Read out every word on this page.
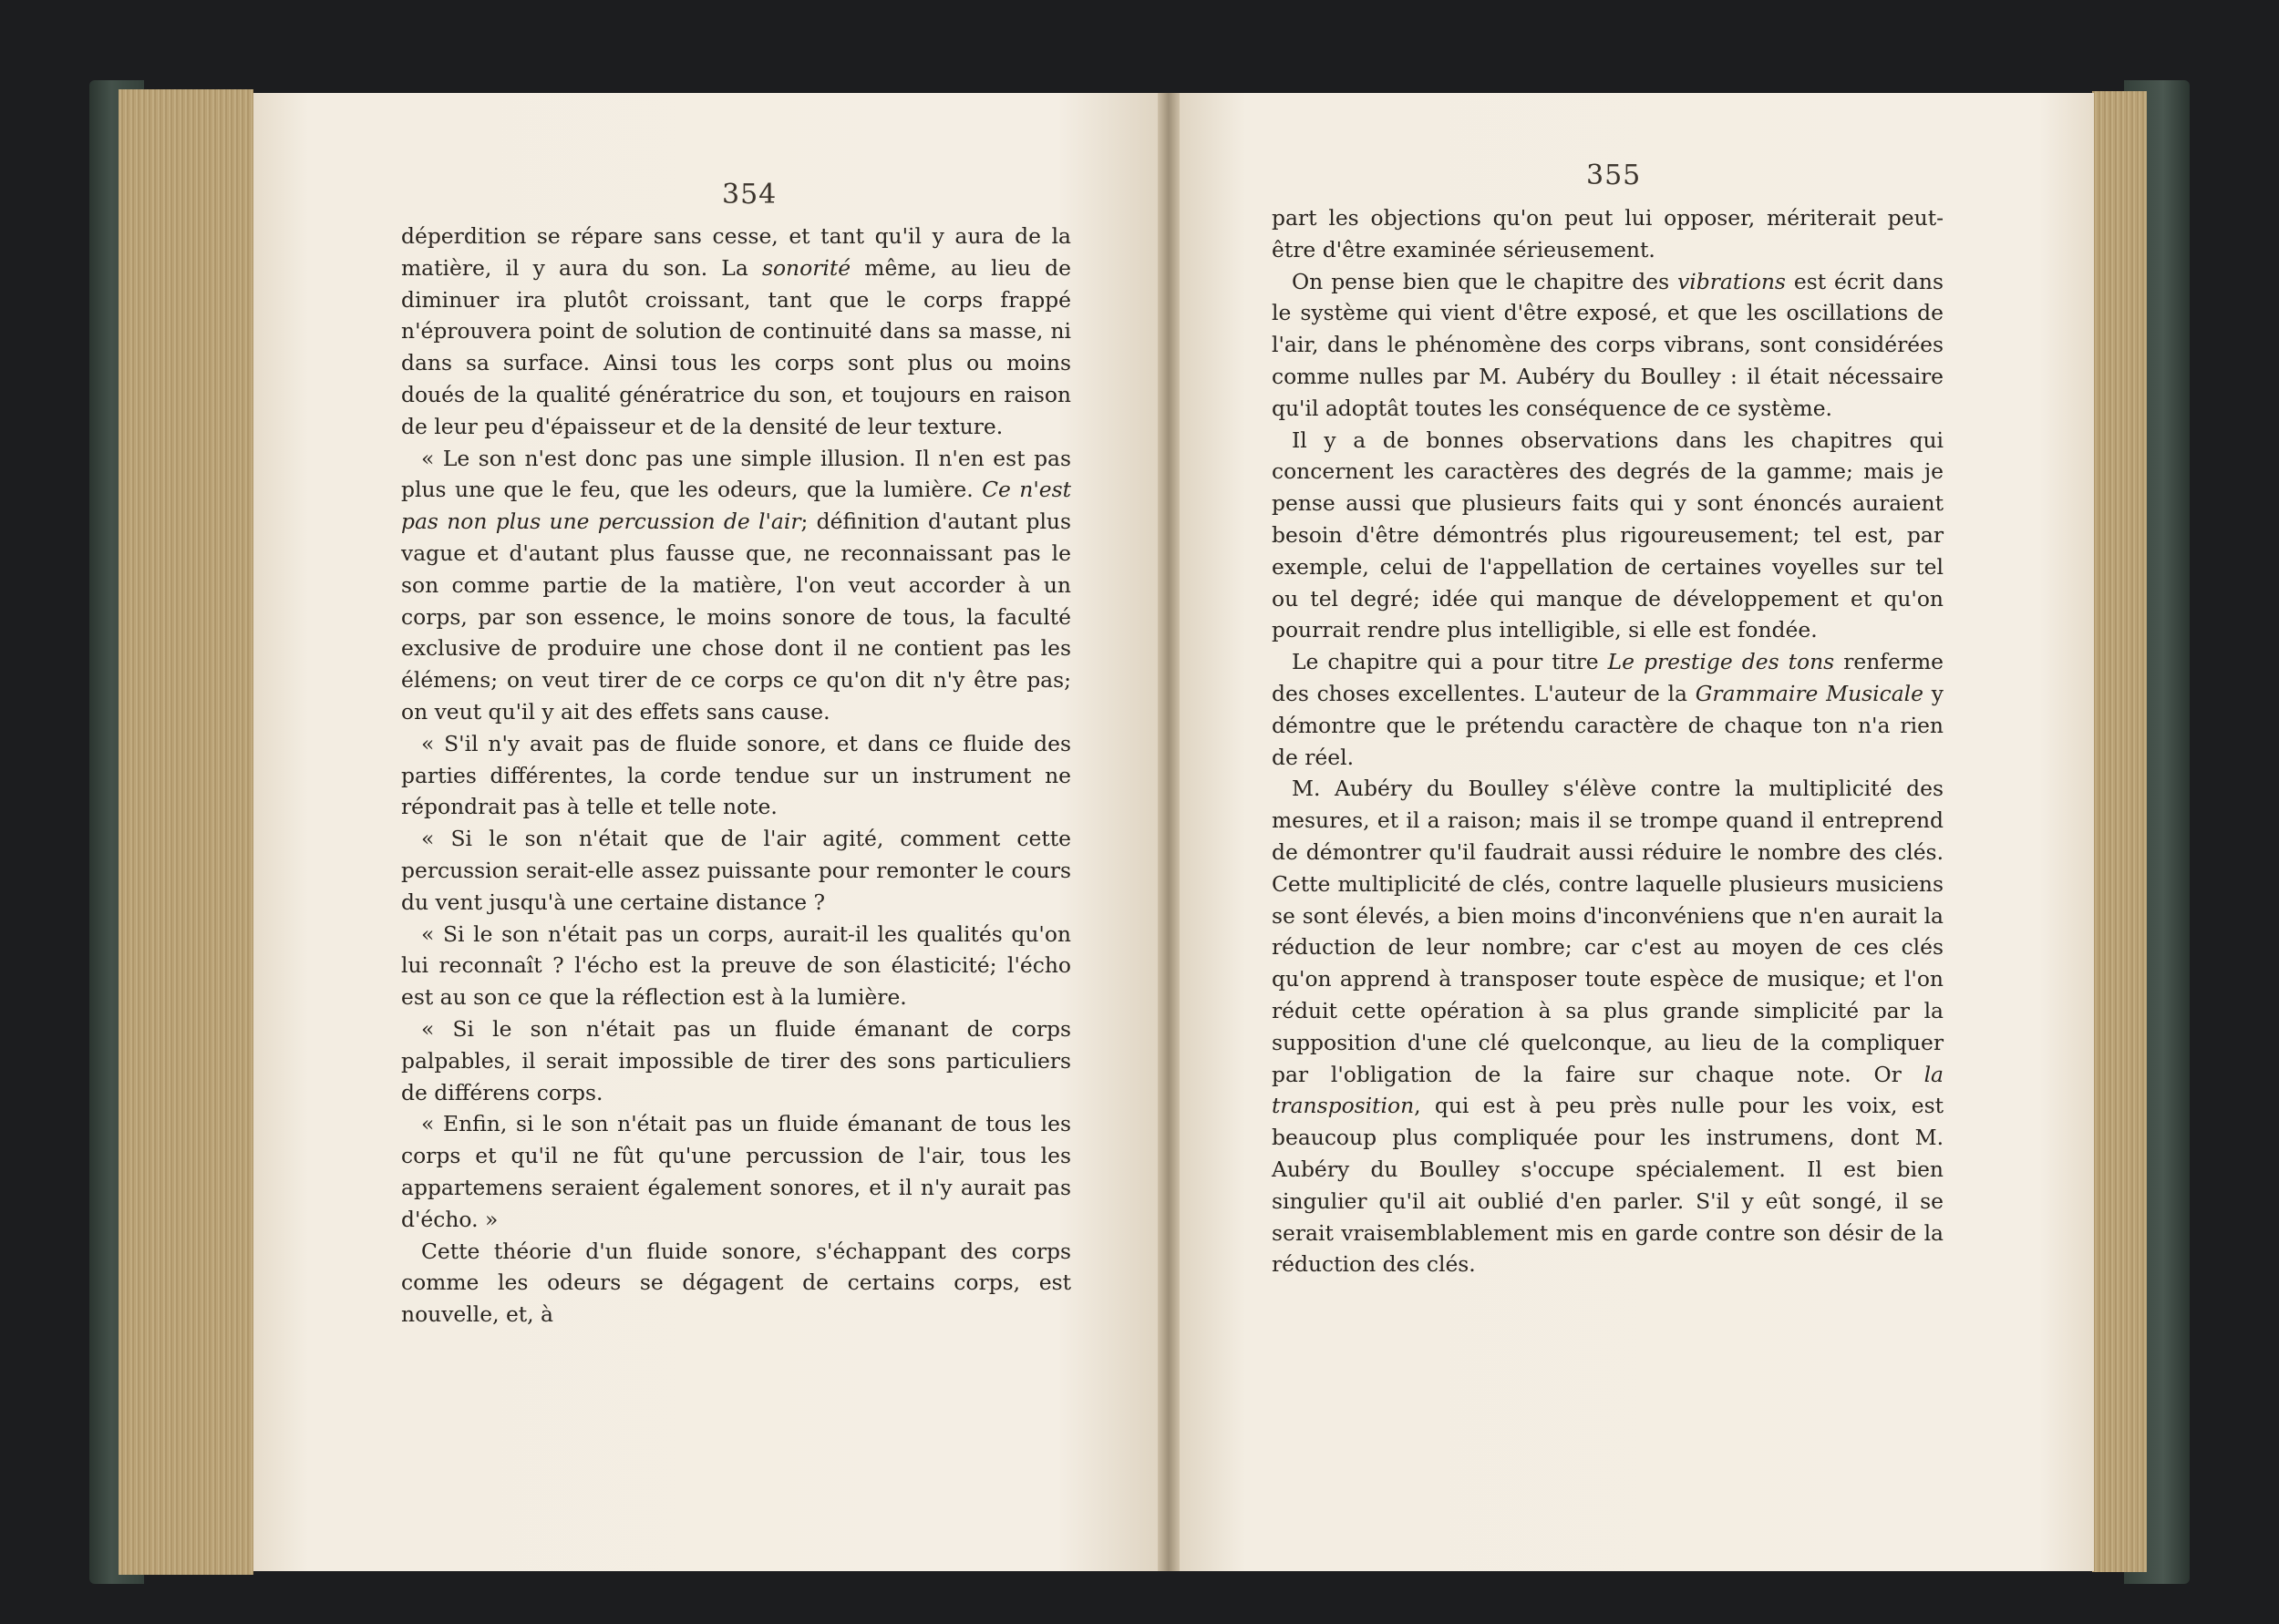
354
355

déperdition se répare sans cesse, et tant qu'il y aura de la matière, il y aura du son. La sonorité même, au lieu de diminuer ira plutôt croissant, tant que le corps frappé n'éprouvera point de solution de continuité dans sa masse, ni dans sa surface. Ainsi tous les corps sont plus ou moins doués de la qualité génératrice du son, et toujours en raison de leur peu d'épaisseur et de la densité de leur texture.

« Le son n'est donc pas une simple illusion. Il n'en est pas plus une que le feu, que les odeurs, que la lumière. Ce n'est pas non plus une percussion de l'air; définition d'autant plus vague et d'autant plus fausse que, ne reconnaissant pas le son comme partie de la matière, l'on veut accorder à un corps, par son essence, le moins sonore de tous, la faculté exclusive de produire une chose dont il ne contient pas les élémens; on veut tirer de ce corps ce qu'on dit n'y être pas; on veut qu'il y ait des effets sans cause.

« S'il n'y avait pas de fluide sonore, et dans ce fluide des parties différentes, la corde tendue sur un instrument ne répondrait pas à telle et telle note.

« Si le son n'était que de l'air agité, comment cette percussion serait-elle assez puissante pour remonter le cours du vent jusqu'à une certaine distance ?

« Si le son n'était pas un corps, aurait-il les qualités qu'on lui reconnaît ? l'écho est la preuve de son élasticité; l'écho est au son ce que la réflection est à la lumière.

« Si le son n'était pas un fluide émanant de corps palpables, il serait impossible de tirer des sons particuliers de différens corps.

« Enfin, si le son n'était pas un fluide émanant de tous les corps et qu'il ne fût qu'une percussion de l'air, tous les appartemens seraient également sonores, et il n'y aurait pas d'écho. »

Cette théorie d'un fluide sonore, s'échappant des corps comme les odeurs se dégagent de certains corps, est nouvelle, et, à

part les objections qu'on peut lui opposer, mériterait peut-être d'être examinée sérieusement.

On pense bien que le chapitre des vibrations est écrit dans le système qui vient d'être exposé, et que les oscillations de l'air, dans le phénomène des corps vibrans, sont considérées comme nulles par M. Aubéry du Boulley : il était nécessaire qu'il adoptât toutes les conséquence de ce système.

Il y a de bonnes observations dans les chapitres qui concernent les caractères des degrés de la gamme; mais je pense aussi que plusieurs faits qui y sont énoncés auraient besoin d'être démontrés plus rigoureusement; tel est, par exemple, celui de l'appellation de certaines voyelles sur tel ou tel degré; idée qui manque de développement et qu'on pourrait rendre plus intelligible, si elle est fondée.

Le chapitre qui a pour titre Le prestige des tons renferme des choses excellentes. L'auteur de la Grammaire Musicale y démontre que le prétendu caractère de chaque ton n'a rien de réel.

M. Aubéry du Boulley s'élève contre la multiplicité des mesures, et il a raison; mais il se trompe quand il entreprend de démontrer qu'il faudrait aussi réduire le nombre des clés. Cette multiplicité de clés, contre laquelle plusieurs musiciens se sont élevés, a bien moins d'inconvéniens que n'en aurait la réduction de leur nombre; car c'est au moyen de ces clés qu'on apprend à transposer toute espèce de musique; et l'on réduit cette opération à sa plus grande simplicité par la supposition d'une clé quelconque, au lieu de la compliquer par l'obligation de la faire sur chaque note. Or la transposition, qui est à peu près nulle pour les voix, est beaucoup plus compliquée pour les instrumens, dont M. Aubéry du Boulley s'occupe spécialement. Il est bien singulier qu'il ait oublié d'en parler. S'il y eût songé, il se serait vraisemblablement mis en garde contre son désir de la réduction des clés.
